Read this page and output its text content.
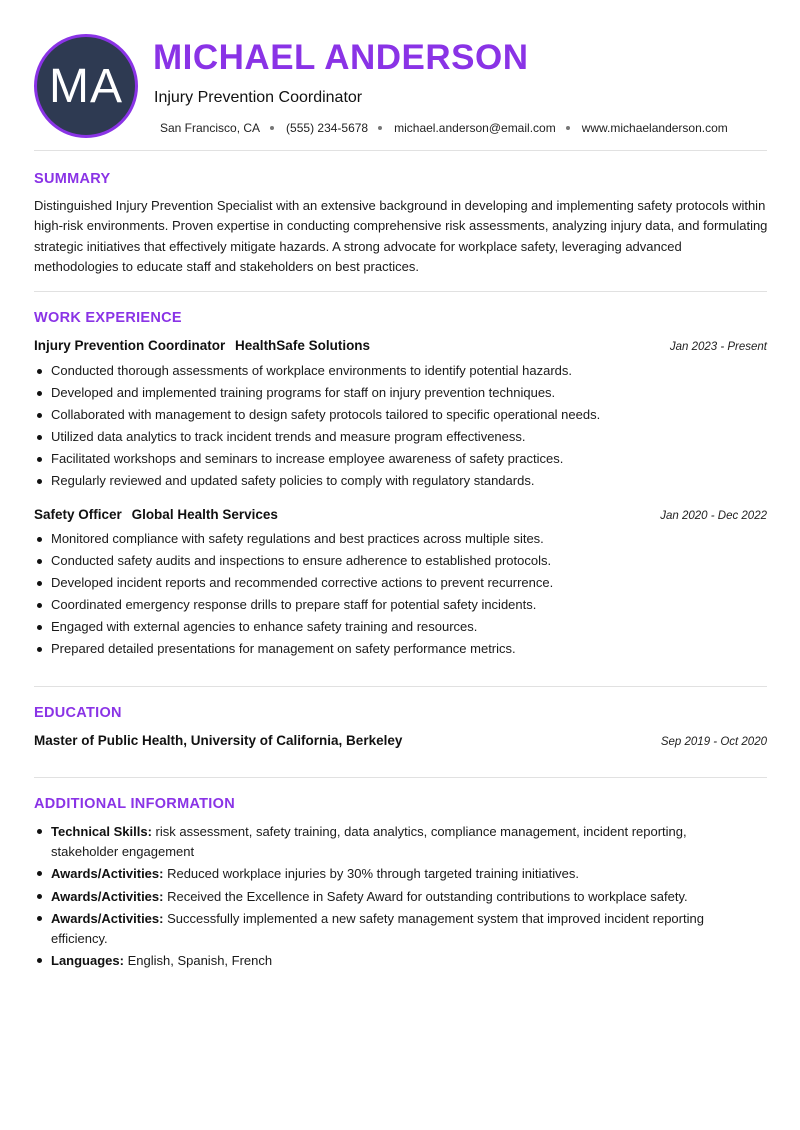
MA
MICHAEL ANDERSON
Injury Prevention Coordinator
San Francisco, CA (555) 234-5678 michael.anderson@email.com www.michaelanderson.com
SUMMARY
Distinguished Injury Prevention Specialist with an extensive background in developing and implementing safety protocols within high-risk environments. Proven expertise in conducting comprehensive risk assessments, analyzing injury data, and formulating strategic initiatives that effectively mitigate hazards. A strong advocate for workplace safety, leveraging advanced methodologies to educate staff and stakeholders on best practices.
WORK EXPERIENCE
Injury Prevention Coordinator HealthSafe Solutions	Jan 2023 - Present
Conducted thorough assessments of workplace environments to identify potential hazards.
Developed and implemented training programs for staff on injury prevention techniques.
Collaborated with management to design safety protocols tailored to specific operational needs.
Utilized data analytics to track incident trends and measure program effectiveness.
Facilitated workshops and seminars to increase employee awareness of safety practices.
Regularly reviewed and updated safety policies to comply with regulatory standards.
Safety Officer Global Health Services	Jan 2020 - Dec 2022
Monitored compliance with safety regulations and best practices across multiple sites.
Conducted safety audits and inspections to ensure adherence to established protocols.
Developed incident reports and recommended corrective actions to prevent recurrence.
Coordinated emergency response drills to prepare staff for potential safety incidents.
Engaged with external agencies to enhance safety training and resources.
Prepared detailed presentations for management on safety performance metrics.
EDUCATION
Master of Public Health, University of California, Berkeley	Sep 2019 - Oct 2020
ADDITIONAL INFORMATION
Technical Skills: risk assessment, safety training, data analytics, compliance management, incident reporting, stakeholder engagement
Awards/Activities: Reduced workplace injuries by 30% through targeted training initiatives.
Awards/Activities: Received the Excellence in Safety Award for outstanding contributions to workplace safety.
Awards/Activities: Successfully implemented a new safety management system that improved incident reporting efficiency.
Languages: English, Spanish, French
